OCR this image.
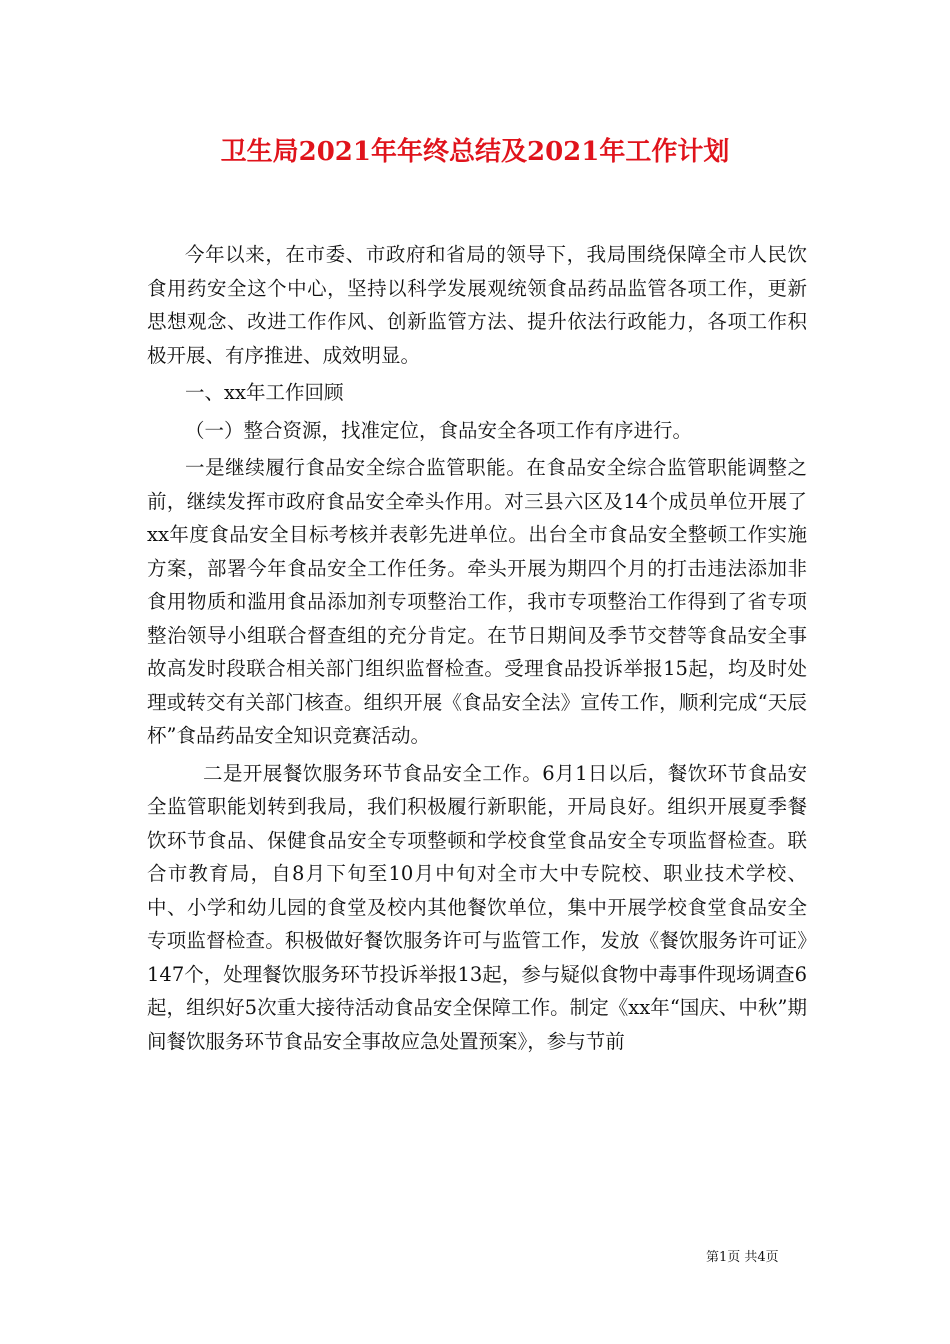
卫生局2021年年终总结及2021年工作计划

今年以来，在市委、市政府和省局的领导下，我局围绕保障全市人民饮食用药安全这个中心，坚持以科学发展观统领食品药品监管各项工作，更新思想观念、改进工作作风、创新监管方法、提升依法行政能力，各项工作积极开展、有序推进、成效明显。

一、xx年工作回顾

（一）整合资源，找准定位，食品安全各项工作有序进行。

一是继续履行食品安全综合监管职能。在食品安全综合监管职能调整之前，继续发挥市政府食品安全牵头作用。对三县六区及14个成员单位开展了xx年度食品安全目标考核并表彰先进单位。出台全市食品安全整顿工作实施方案，部署今年食品安全工作任务。牵头开展为期四个月的打击违法添加非食用物质和滥用食品添加剂专项整治工作，我市专项整治工作得到了省专项整治领导小组联合督查组的充分肯定。在节日期间及季节交替等食品安全事故高发时段联合相关部门组织监督检查。受理食品投诉举报15起，均及时处理或转交有关部门核查。组织开展《食品安全法》宣传工作，顺利完成“天辰杯”食品药品安全知识竞赛活动。

二是开展餐饮服务环节食品安全工作。6月1日以后，餐饮环节食品安全监管职能划转到我局，我们积极履行新职能，开局良好。组织开展夏季餐饮环节食品、保健食品安全专项整顿和学校食堂食品安全专项监督检查。联合市教育局，自8月下旬至10月中旬对全市大中专院校、职业技术学校、中、小学和幼儿园的食堂及校内其他餐饮单位，集中开展学校食堂食品安全专项监督检查。积极做好餐饮服务许可与监管工作，发放《餐饮服务许可证》147个，处理餐饮服务环节投诉举报13起，参与疑似食物中毒事件现场调查6起，组织好5次重大接待活动食品安全保障工作。制定《xx年“国庆、中秋”期间餐饮服务环节食品安全事故应急处置预案》，参与节前

第1页 共4页
